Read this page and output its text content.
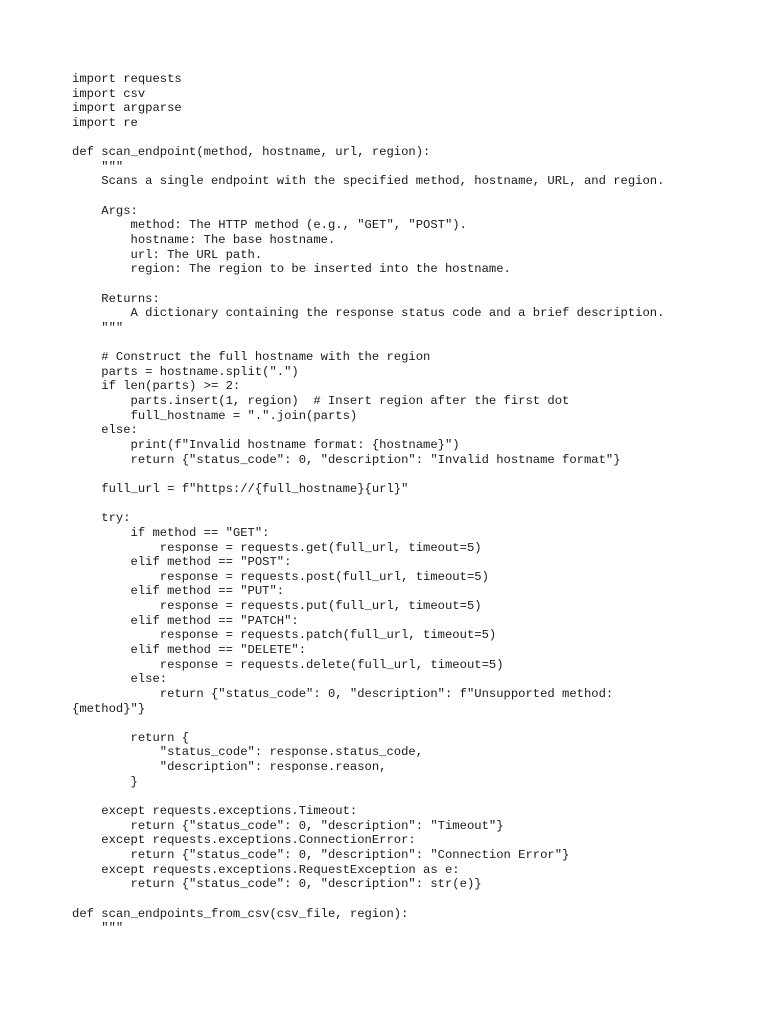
import requests
import csv
import argparse
import re
def scan_endpoint(method, hostname, url, region):
"""
Scans a single endpoint with the specified method, hostname, URL, and region.
Args:
method: The HTTP method (e.g., "GET", "POST").
hostname: The base hostname.
url: The URL path.
region: The region to be inserted into the hostname.
Returns:
A dictionary containing the response status code and a brief description.
"""
# Construct the full hostname with the region
parts = hostname.split(".")
if len(parts) >= 2:
parts.insert(1, region)  # Insert region after the first dot
full_hostname = ".".join(parts)
else:
print(f"Invalid hostname format: {hostname}")
return {"status_code": 0, "description": "Invalid hostname format"}
full_url = f"https://{full_hostname}{url}"
try:
if method == "GET":
response = requests.get(full_url, timeout=5)
elif method == "POST":
response = requests.post(full_url, timeout=5)
elif method == "PUT":
response = requests.put(full_url, timeout=5)
elif method == "PATCH":
response = requests.patch(full_url, timeout=5)
elif method == "DELETE":
response = requests.delete(full_url, timeout=5)
else:
return {"status_code": 0, "description": f"Unsupported method:
{method}"}
return {
"status_code": response.status_code,
"description": response.reason,
}
except requests.exceptions.Timeout:
return {"status_code": 0, "description": "Timeout"}
except requests.exceptions.ConnectionError:
return {"status_code": 0, "description": "Connection Error"}
except requests.exceptions.RequestException as e:
return {"status_code": 0, "description": str(e)}
def scan_endpoints_from_csv(csv_file, region):
"""
